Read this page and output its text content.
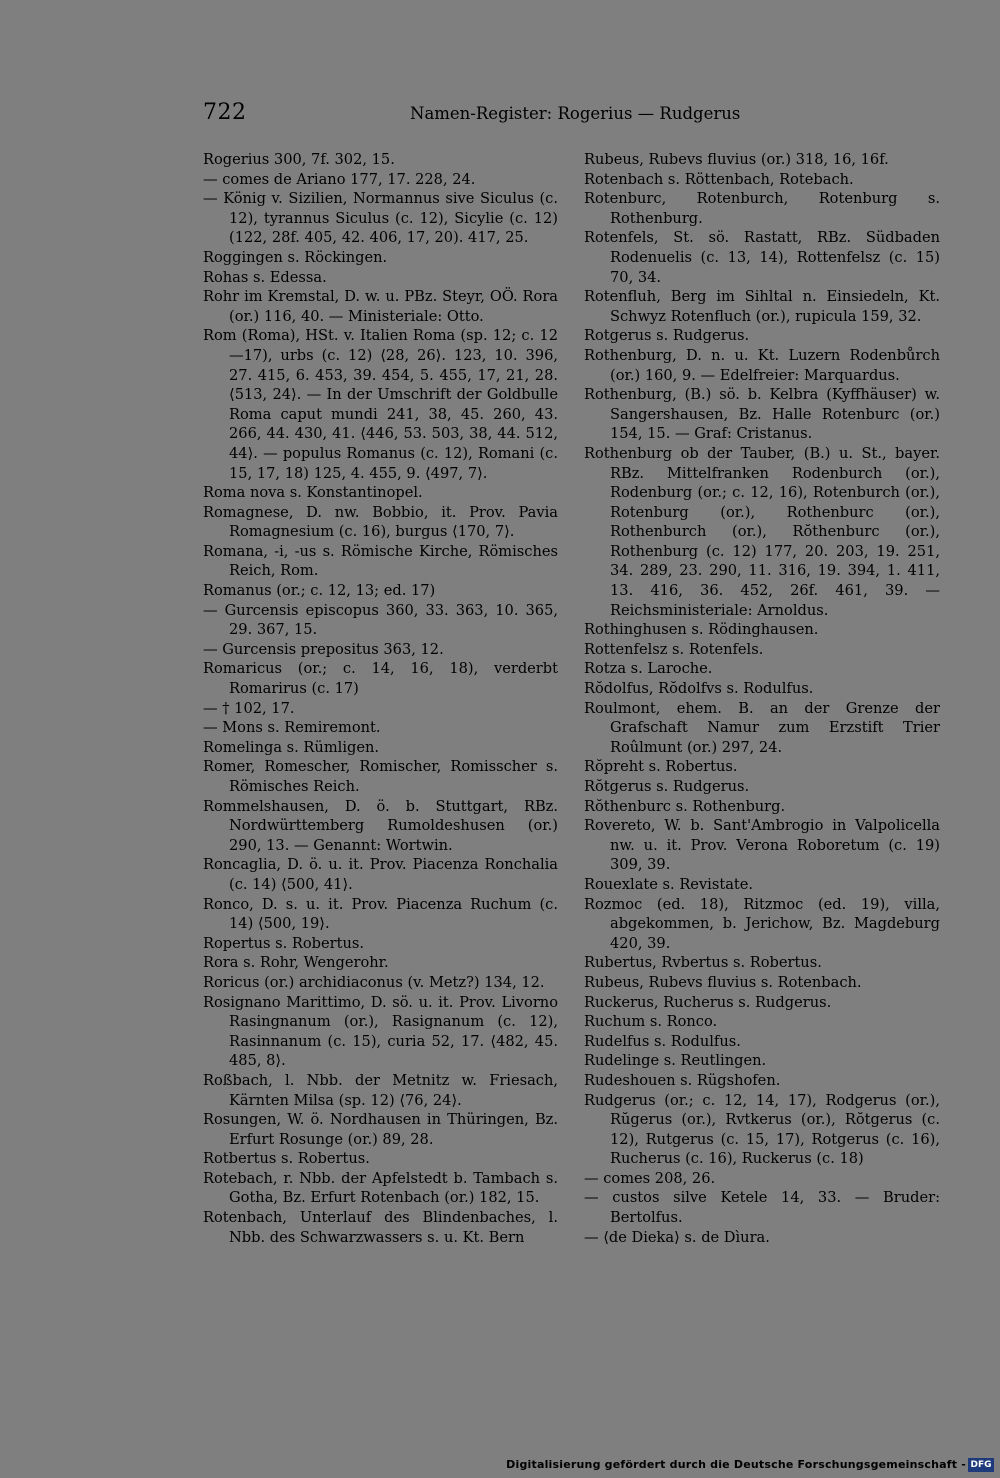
722	Namen-Register: Rogerius — Rudgerus

Rogerius 300, 7f. 302, 15.

— comes de Ariano 177, 17. 228, 24.

— König v. Sizilien, Normannus sive Siculus (c. 12), tyrannus Siculus (c. 12), Sicylie (c. 12) (122, 28f. 405, 42. 406, 17, 20). 417, 25.

Roggingen s. Röckingen.

Rohas s. Edessa.

Rohr im Kremstal, D. w. u. PBz. Steyr, OÖ. Rora (or.) 116, 40. — Ministeriale: Otto.

Rom (Roma), HSt. v. Italien Roma (sp. 12; c. 12—17), urbs (c. 12) ⟨28, 26⟩. 123, 10. 396, 27. 415, 6. 453, 39. 454, 5. 455, 17, 21, 28. ⟨513, 24⟩. — In der Umschrift der Goldbulle Roma caput mundi 241, 38, 45. 260, 43. 266, 44. 430, 41. ⟨446, 53. 503, 38, 44. 512, 44⟩. — populus Romanus (c. 12), Romani (c. 15, 17, 18) 125, 4. 455, 9. ⟨497, 7⟩.

Roma nova s. Konstantinopel.

Romagnese, D. nw. Bobbio, it. Prov. Pavia Romagnesium (c. 16), burgus ⟨170, 7⟩.

Romana, -i, -us s. Römische Kirche, Römisches Reich, Rom.

Romanus (or.; c. 12, 13; ed. 17)

— Gurcensis episcopus 360, 33. 363, 10. 365, 29. 367, 15.

— Gurcensis prepositus 363, 12.

Romaricus (or.; c. 14, 16, 18), verderbt Romarirus (c. 17)

— † 102, 17.

— Mons s. Remiremont.

Romelinga s. Rümligen.

Romer, Romescher, Romischer, Romisscher s. Römisches Reich.

Rommelshausen, D. ö. b. Stuttgart, RBz. Nordwürttemberg Rumoldeshusen (or.) 290, 13. — Genannt: Wortwin.

Roncaglia, D. ö. u. it. Prov. Piacenza Ronchalia (c. 14) ⟨500, 41⟩.

Ronco, D. s. u. it. Prov. Piacenza Ruchum (c. 14) ⟨500, 19⟩.

Ropertus s. Robertus.

Rora s. Rohr, Wengerohr.

Roricus (or.) archidiaconus (v. Metz?) 134, 12.

Rosignano Marittimo, D. sö. u. it. Prov. Livorno Rasingnanum (or.), Rasignanum (c. 12), Rasinnanum (c. 15), curia 52, 17. ⟨482, 45. 485, 8⟩.

Roßbach, l. Nbb. der Metnitz w. Friesach, Kärnten Milsa (sp. 12) ⟨76, 24⟩.

Rosungen, W. ö. Nordhausen in Thüringen, Bz. Erfurt Rosunge (or.) 89, 28.

Rotbertus s. Robertus.

Rotebach, r. Nbb. der Apfelstedt b. Tambach s. Gotha, Bz. Erfurt Rotenbach (or.) 182, 15.

Rotenbach, Unterlauf des Blindenbaches, l. Nbb. des Schwarzwassers s. u. Kt. Bern

Rubeus, Rubevs fluvius (or.) 318, 16, 16f.

Rotenbach s. Röttenbach, Rotebach.

Rotenburc, Rotenburch, Rotenburg s. Rothenburg.

Rotenfels, St. sö. Rastatt, RBz. Südbaden Rodenuelis (c. 13, 14), Rottenfelsz (c. 15) 70, 34.

Rotenfluh, Berg im Sihltal n. Einsiedeln, Kt. Schwyz Rotenfluch (or.), rupicula 159, 32.

Rotgerus s. Rudgerus.

Rothenburg, D. n. u. Kt. Luzern Rodenbůrch (or.) 160, 9. — Edelfreier: Marquardus.

Rothenburg, (B.) sö. b. Kelbra (Kyffhäuser) w. Sangershausen, Bz. Halle Rotenburc (or.) 154, 15. — Graf: Cristanus.

Rothenburg ob der Tauber, (B.) u. St., bayer. RBz. Mittelfranken Rodenburch (or.), Rodenburg (or.; c. 12, 16), Rotenburch (or.), Rotenburg (or.), Rothenburc (or.), Rothenburch (or.), Rŏthenburc (or.), Rothenburg (c. 12) 177, 20. 203, 19. 251, 34. 289, 23. 290, 11. 316, 19. 394, 1. 411, 13. 416, 36. 452, 26f. 461, 39. — Reichsministeriale: Arnoldus.

Rothinghusen s. Rödinghausen.

Rottenfelsz s. Rotenfels.

Rotza s. Laroche.

Rŏdolfus, Rŏdolfvs s. Rodulfus.

Roulmont, ehem. B. an der Grenze der Grafschaft Namur zum Erzstift Trier Roûlmunt (or.) 297, 24.

Rŏpreht s. Robertus.

Rŏtgerus s. Rudgerus.

Rŏthenburc s. Rothenburg.

Rovereto, W. b. Sant'Ambrogio in Valpolicella nw. u. it. Prov. Verona Roboretum (c. 19) 309, 39.

Rouexlate s. Revistate.

Rozmoc (ed. 18), Ritzmoc (ed. 19), villa, abgekommen, b. Jerichow, Bz. Magdeburg 420, 39.

Rubertus, Rvbertus s. Robertus.

Rubeus, Rubevs fluvius s. Rotenbach.

Ruckerus, Rucherus s. Rudgerus.

Ruchum s. Ronco.

Rudelfus s. Rodulfus.

Rudelinge s. Reutlingen.

Rudeshouen s. Rügshofen.

Rudgerus (or.; c. 12, 14, 17), Rodgerus (or.), Rŭgerus (or.), Rvtkerus (or.), Rŏtgerus (c. 12), Rutgerus (c. 15, 17), Rotgerus (c. 16), Rucherus (c. 16), Ruckerus (c. 18)

— comes 208, 26.

— custos silve Ketele 14, 33. — Bruder: Bertolfus.

— ⟨de Dieka⟩ s. de Dìura.

Digitalisierung gefördert durch die Deutsche Forschungsgemeinschaft - DFG
